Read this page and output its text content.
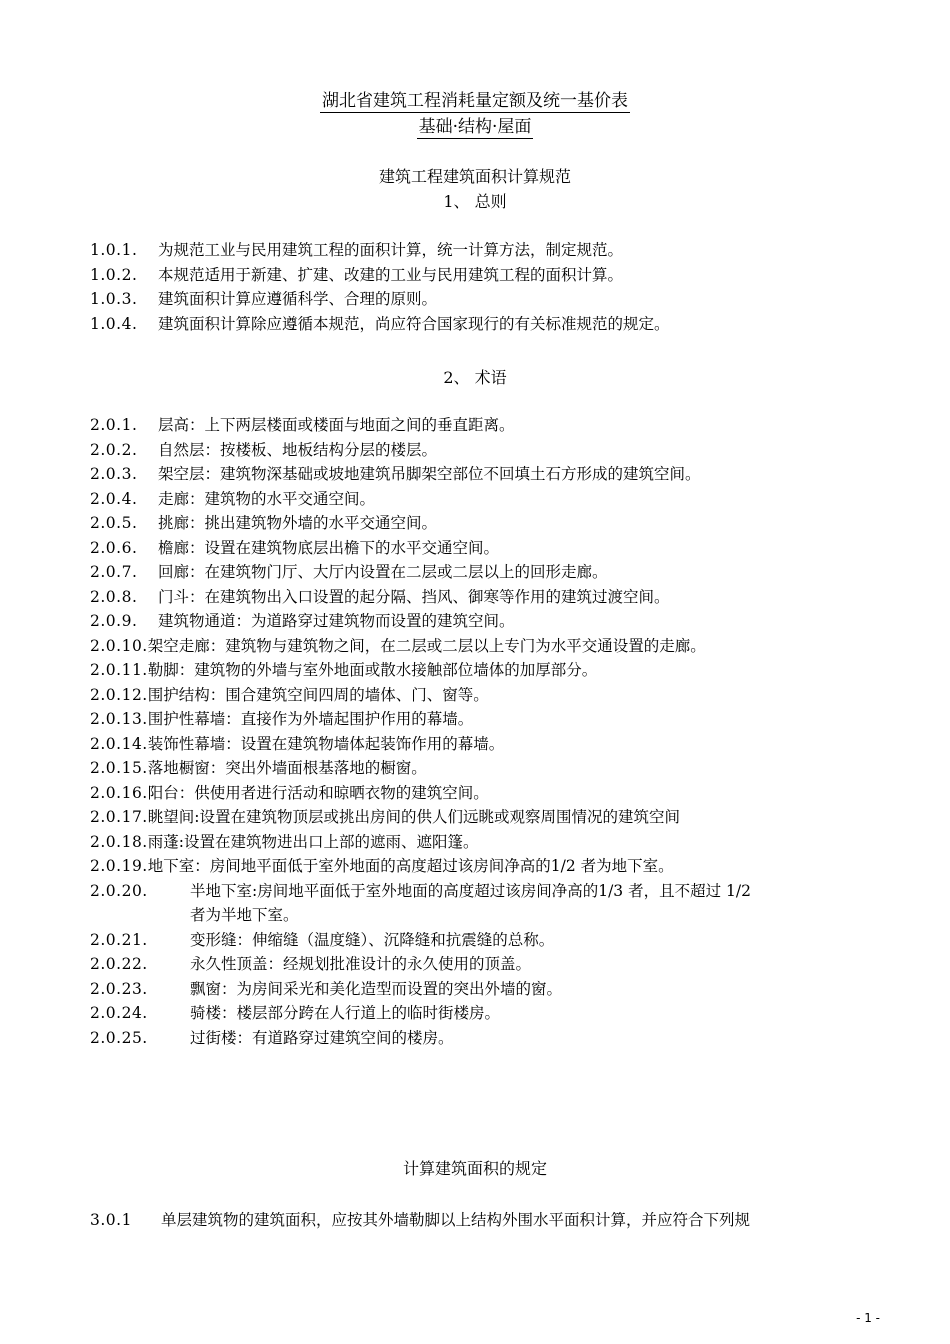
湖北省建筑工程消耗量定额及统一基价表
基础·结构·屋面
建筑工程建筑面积计算规范
1、 总则
1.0.1. 为规范工业与民用建筑工程的面积计算，统一计算方法，制定规范。
1.0.2. 本规范适用于新建、扩建、改建的工业与民用建筑工程的面积计算。
1.0.3. 建筑面积计算应遵循科学、合理的原则。
1.0.4. 建筑面积计算除应遵循本规范，尚应符合国家现行的有关标准规范的规定。
2、 术语
2.0.1. 层高：上下两层楼面或楼面与地面之间的垂直距离。
2.0.2. 自然层：按楼板、地板结构分层的楼层。
2.0.3. 架空层：建筑物深基础或坡地建筑吊脚架空部位不回填土石方形成的建筑空间。
2.0.4. 走廊：建筑物的水平交通空间。
2.0.5. 挑廊：挑出建筑物外墙的水平交通空间。
2.0.6. 檐廊：设置在建筑物底层出檐下的水平交通空间。
2.0.7. 回廊：在建筑物门厅、大厅内设置在二层或二层以上的回形走廊。
2.0.8. 门斗：在建筑物出入口设置的起分隔、挡风、御寒等作用的建筑过渡空间。
2.0.9. 建筑物通道：为道路穿过建筑物而设置的建筑空间。
2.0.10.架空走廊：建筑物与建筑物之间，在二层或二层以上专门为水平交通设置的走廊。
2.0.11.勒脚：建筑物的外墙与室外地面或散水接触部位墙体的加厚部分。
2.0.12.围护结构：围合建筑空间四周的墙体、门、窗等。
2.0.13.围护性幕墙：直接作为外墙起围护作用的幕墙。
2.0.14.装饰性幕墙：设置在建筑物墙体起装饰作用的幕墙。
2.0.15.落地橱窗：突出外墙面根基落地的橱窗。
2.0.16.阳台：供使用者进行活动和晾晒衣物的建筑空间。
2.0.17.眺望间:设置在建筑物顶层或挑出房间的供人们远眺或观察周围情况的建筑空间
2.0.18.雨蓬:设置在建筑物进出口上部的遮雨、遮阳篷。
2.0.19.地下室：房间地平面低于室外地面的高度超过该房间净高的1/2 者为地下室。
2.0.20.	半地下室:房间地平面低于室外地面的高度超过该房间净高的1/3 者，且不超过 1/2
者为半地下室。
2.0.21.	变形缝：伸缩缝（温度缝）、沉降缝和抗震缝的总称。
2.0.22.	永久性顶盖：经规划批准设计的永久使用的顶盖。
2.0.23.	飘窗：为房间采光和美化造型而设置的突出外墙的窗。
2.0.24.	骑楼：楼层部分跨在人行道上的临时街楼房。
2.0.25.	过街楼：有道路穿过建筑空间的楼房。
计算建筑面积的规定
3.0.1 单层建筑物的建筑面积，应按其外墙勒脚以上结构外围水平面积计算，并应符合下列规
- 1 -
